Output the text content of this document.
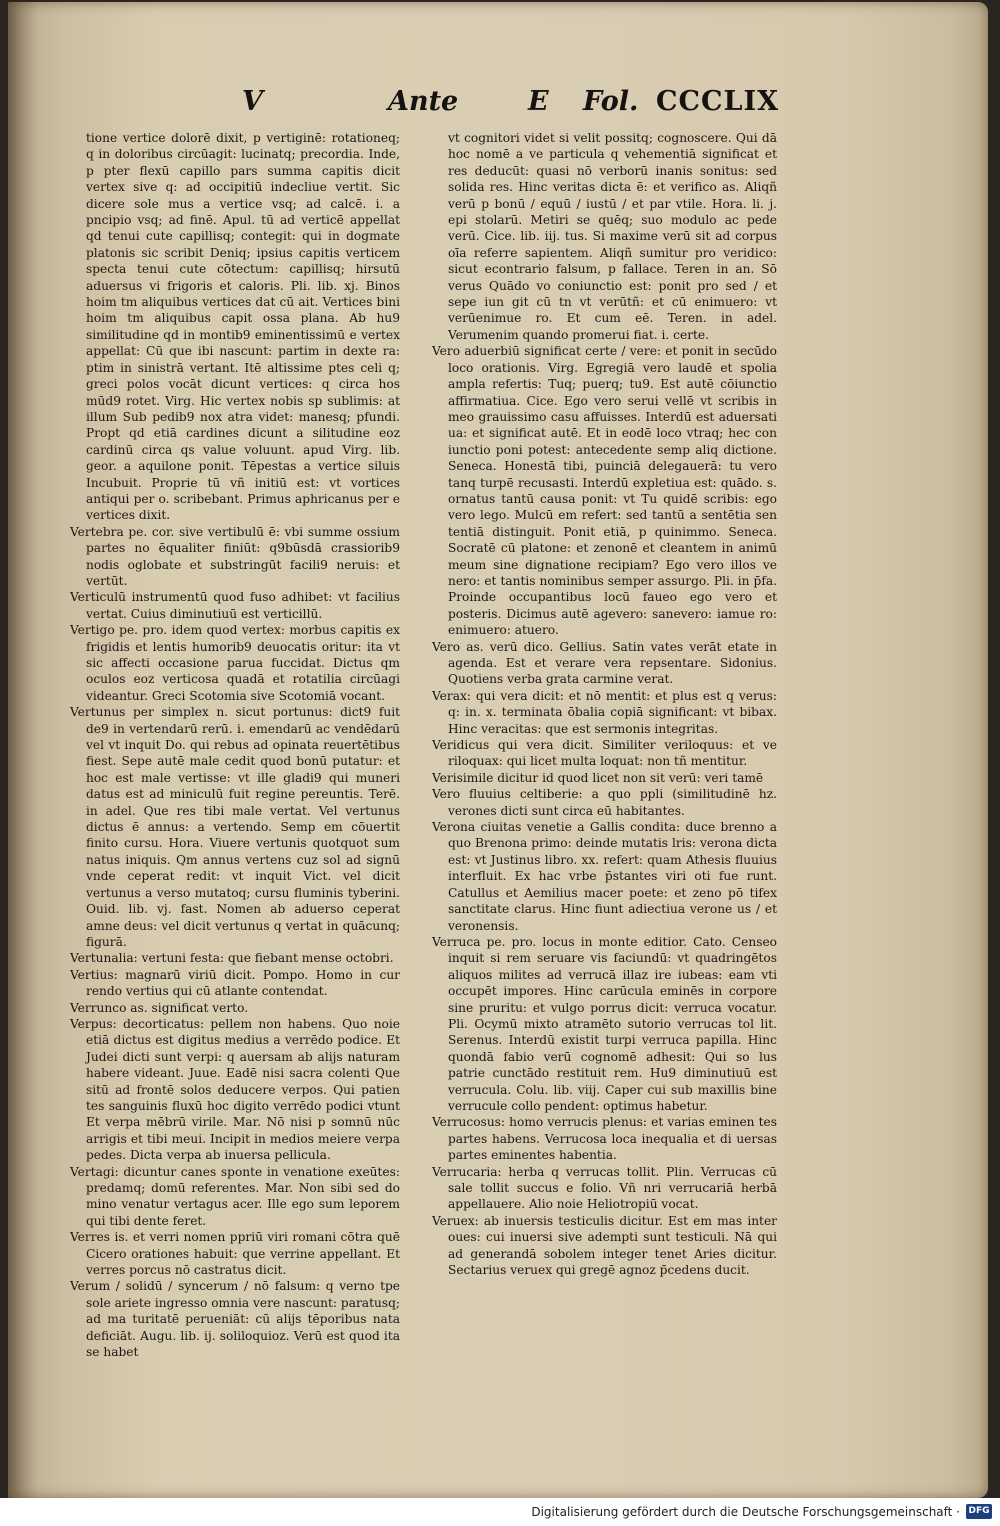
V	Ante	E Fol. CCCLIX

tione vertice dolorē dixit, p vertiginē: rotationeq; q in doloribus circūagit: lucinatq; precordia. Inde, p pter flexū capillo pars summa capitis dicit vertex sive q: ad occipitiū indecliue vertit. Sic dicere sole mus a vertice vsq; ad calcē. i. a pncipio vsq; ad finē. Apul. tū ad verticē appellat qd tenui cute capillisq; contegit: qui in dogmate platonis sic scribit Deniq; ipsius capitis verticem specta tenui cute cōtectum: capillisq; hirsutū aduersus vi frigoris et caloris. Pli. lib. xj. Binos hoim tm aliquibus vertices dat cū ait. Vertices bini hoim tm aliquibus capit ossa plana. Ab hu9 similitudine qd in montib9 eminentissimū e vertex appellat: Cū que ibi nascunt: partim in dexte ra: ptim in sinistrā vertant. Itē altissime ptes celi q; greci polos vocāt dicunt vertices: q circa hos mūd9 rotet. Virg. Hic vertex nobis sp sublimis: at illum Sub pedib9 nox atra videt: manesq; pfundi. Propt qd etiā cardines dicunt a silitudine eoz cardinū circa qs value voluunt. apud Virg. lib. geor. a aquilone ponit. Tēpestas a vertice siluis Incubuit. Proprie tū vñ initiū est: vt vortices antiqui per o. scribebant. Primus aphricanus per e vertices dixit.

Vertebra pe. cor. sive vertibulū ē: vbi summe ossium partes no ēqualiter finiūt: q9būsdā crassiorib9 nodis oglobate et substringūt facili9 neruis: et vertūt.

Verticulū instrumentū quod fuso adhibet: vt facilius vertat. Cuius diminutiuū est verticillū.

Vertigo pe. pro. idem quod vertex: morbus capitis ex frigidis et lentis humorib9 deuocatis oritur: ita vt sic affecti occasione parua fuccidat. Dictus qm oculos eoz verticosa quadā et rotatilia circūagi videantur. Greci Scotomia sive Scotomiā vocant.

Vertunus per simplex n. sicut portunus: dict9 fuit de9 in vertendarū rerū. i. emendarū ac vendēdarū vel vt inquit Do. qui rebus ad opinata reuertētibus fiest. Sepe autē male cedit quod bonū putatur: et hoc est male vertisse: vt ille gladi9 qui muneri datus est ad miniculū fuit regine pereuntis. Terē. in adel. Que res tibi male vertat. Vel vertunus dictus ē annus: a vertendo. Semp em cōuertit finito cursu. Hora. Viuere vertunis quotquot sum natus iniquis. Qm annus vertens cuz sol ad signū vnde ceperat redit: vt inquit Vict. vel dicit vertunus a verso mutatoq; cursu fluminis tyberini. Ouid. lib. vj. fast. Nomen ab aduerso ceperat amne deus: vel dicit vertunus q vertat in quācunq; figurā.

Vertunalia: vertuni festa: que fiebant mense octobri.

Vertius: magnarū viriū dicit. Pompo. Homo in cur rendo vertius qui cū atlante contendat.

Verrunco as. significat verto.

Verpus: decorticatus: pellem non habens. Quo noie etiā dictus est digitus medius a verrēdo podice. Et Judei dicti sunt verpi: q auersam ab alijs naturam habere videant. Juue. Eadē nisi sacra colenti Que sitū ad frontē solos deducere verpos. Qui patien tes sanguinis fluxū hoc digito verrēdo podici vtunt Et verpa mēbrū virile. Mar. Nō nisi p somnū nūc arrigis et tibi meui. Incipit in medios meiere verpa pedes. Dicta verpa ab inuersa pellicula.

Vertagi: dicuntur canes sponte in venatione exeūtes: predamq; domū referentes. Mar. Non sibi sed do mino venatur vertagus acer. Ille ego sum leporem qui tibi dente feret.

Verres is. et verri nomen ppriū viri romani cōtra quē Cicero orationes habuit: que verrine appellant. Et verres porcus nō castratus dicit.

Verum / solidū / syncerum / nō falsum: q verno tpe sole ariete ingresso omnia vere nascunt: paratusq; ad ma turitatē perueniāt: cū alijs tēporibus nata deficiāt. Augu. lib. ij. soliloquioz. Verū est quod ita se habet

vt cognitori videt si velit possitq; cognoscere. Qui dā hoc nomē a ve particula q vehementiā significat et res deducūt: quasi nō verborū inanis sonitus: sed solida res. Hinc veritas dicta ē: et verifico as. Aliqñ verū p bonū / equū / iustū / et par vtile. Hora. li. j. epi stolarū. Metiri se quēq; suo modulo ac pede verū. Cice. lib. iij. tus. Si maxime verū sit ad corpus oīa referre sapientem. Aliqñ sumitur pro veridico: sicut econtrario falsum, p fallace. Teren in an. Sō verus Quādo vo coniunctio est: ponit pro sed / et sepe iun git cū tn vt verūtñ: et cū enimuero: vt verūenimue ro. Et cum eē. Teren. in adel. Verumenim quando promerui fiat. i. certe.

Vero aduerbiū significat certe / vere: et ponit in secūdo loco orationis. Virg. Egregiā vero laudē et spolia ampla refertis: Tuq; puerq; tu9. Est autē cōiunctio affirmatiua. Cice. Ego vero serui vellē vt scribis in meo grauissimo casu affuisses. Interdū est aduersati ua: et significat autē. Et in eodē loco vtraq; hec con iunctio poni potest: antecedente semp aliq dictione. Seneca. Honestā tibi, puinciā delegauerā: tu vero tanq turpē recusasti. Interdū expletiua est: quādo. s. ornatus tantū causa ponit: vt Tu quidē scribis: ego vero lego. Mulcū em refert: sed tantū a sentētia sen tentiā distinguit. Ponit etiā, p quinimmo. Seneca. Socratē cū platone: et zenonē et cleantem in animū meum sine dignatione recipiam? Ego vero illos ve nero: et tantis nominibus semper assurgo. Pli. in p̄fa. Proinde occupantibus locū faueo ego vero et posteris. Dicimus autē agevero: sanevero: iamue ro: enimuero: atuero.

Vero as. verū dico. Gellius. Satin vates verāt etate in agenda. Est et verare vera repsentare. Sidonius. Quotiens verba grata carmine verat.

Verax: qui vera dicit: et nō mentit: et plus est q verus: q: in. x. terminata ōbalia copiā significant: vt bibax. Hinc veracitas: que est sermonis integritas.

Veridicus qui vera dicit. Similiter veriloquus: et ve riloquax: qui licet multa loquat: non tñ mentitur.

Verisimile dicitur id quod licet non sit verū: veri tamē

Vero fluuius celtiberie: a quo ppli (similitudinē hz. verones dicti sunt circa eū habitantes.

Verona ciuitas venetie a Gallis condita: duce brenno a quo Brenona primo: deinde mutatis lris: verona dicta est: vt Justinus libro. xx. refert: quam Athesis fluuius interfluit. Ex hac vrbe p̄stantes viri oti fue runt. Catullus et Aemilius macer poete: et zeno pō tifex sanctitate clarus. Hinc fiunt adiectiua verone us / et veronensis.

Verruca pe. pro. locus in monte editior. Cato. Censeo inquit si rem seruare vis faciundū: vt quadringētos aliquos milites ad verrucā illaz ire iubeas: eam vti occupēt impores. Hinc carūcula eminēs in corpore sine pruritu: et vulgo porrus dicit: verruca vocatur. Pli. Ocymū mixto atramēto sutorio verrucas tol lit. Serenus. Interdū existit turpi verruca papilla. Hinc quondā fabio verū cognomē adhesit: Qui so lus patrie cunctādo restituit rem. Hu9 diminutiuū est verrucula. Colu. lib. viij. Caper cui sub maxillis bine verrucule collo pendent: optimus habetur.

Verrucosus: homo verrucis plenus: et varias eminen tes partes habens. Verrucosa loca inequalia et di uersas partes eminentes habentia.

Verrucaria: herba q verrucas tollit. Plin. Verrucas cū sale tollit succus e folio. Vñ nri verrucariā herbā appellauere. Alio noie Heliotropiū vocat.

Veruex: ab inuersis testiculis dicitur. Est em mas inter oues: cui inuersi sive adempti sunt testiculi. Nā qui ad generandā sobolem integer tenet Aries dicitur. Sectarius veruex qui gregē agnoz p̄cedens ducit.

Digitalisierung gefördert durch die Deutsche Forschungsgemeinschaft · DFG
